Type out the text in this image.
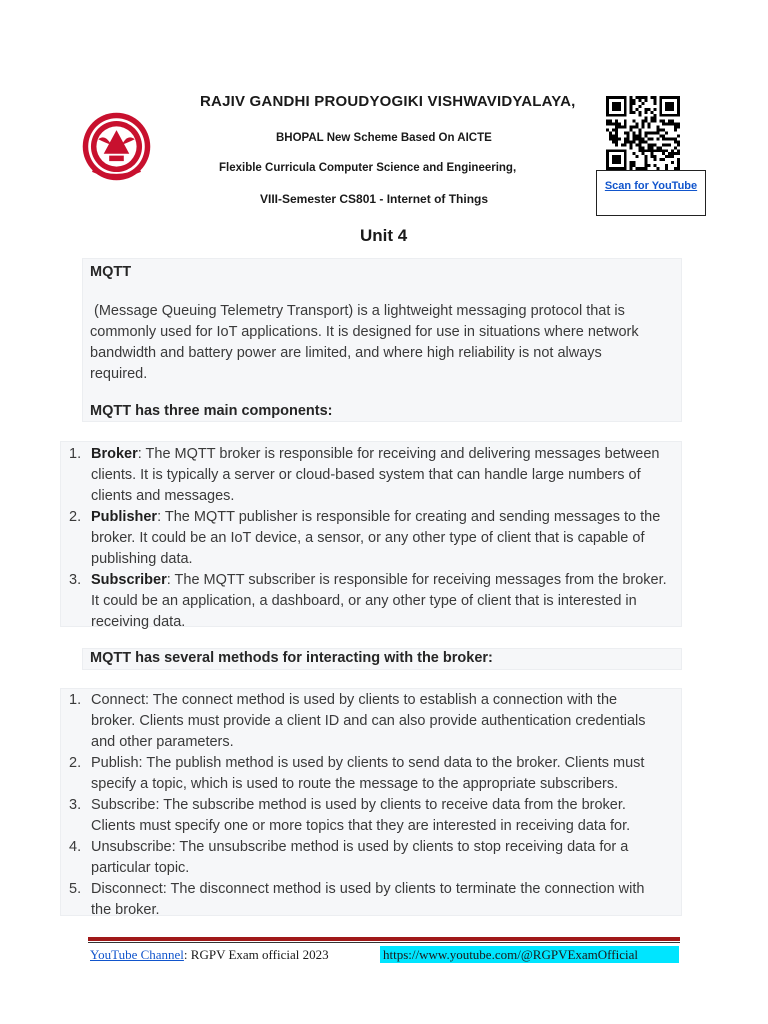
RAJIV GANDHI PROUDYOGIKI VISHWAVIDYALAYA,
BHOPAL New Scheme Based On AICTE
Flexible Curricula Computer Science and Engineering,
VIII-Semester CS801 - Internet of Things
Unit 4
Scan for YouTube
MQTT
(Message Queuing Telemetry Transport) is a lightweight messaging protocol that is
commonly used for IoT applications. It is designed for use in situations where network
bandwidth and battery power are limited, and where high reliability is not always
required.
MQTT has three main components:
1. Broker: The MQTT broker is responsible for receiving and delivering messages between
clients. It is typically a server or cloud-based system that can handle large numbers of
clients and messages.
2. Publisher: The MQTT publisher is responsible for creating and sending messages to the
broker. It could be an IoT device, a sensor, or any other type of client that is capable of
publishing data.
3. Subscriber: The MQTT subscriber is responsible for receiving messages from the broker.
It could be an application, a dashboard, or any other type of client that is interested in
receiving data.
MQTT has several methods for interacting with the broker:
1. Connect: The connect method is used by clients to establish a connection with the
broker. Clients must provide a client ID and can also provide authentication credentials
and other parameters.
2. Publish: The publish method is used by clients to send data to the broker. Clients must
specify a topic, which is used to route the message to the appropriate subscribers.
3. Subscribe: The subscribe method is used by clients to receive data from the broker.
Clients must specify one or more topics that they are interested in receiving data for.
4. Unsubscribe: The unsubscribe method is used by clients to stop receiving data for a
particular topic.
5. Disconnect: The disconnect method is used by clients to terminate the connection with
the broker.
YouTube Channel: RGPV Exam official 2023	https://www.youtube.com/@RGPVExamOfficial
